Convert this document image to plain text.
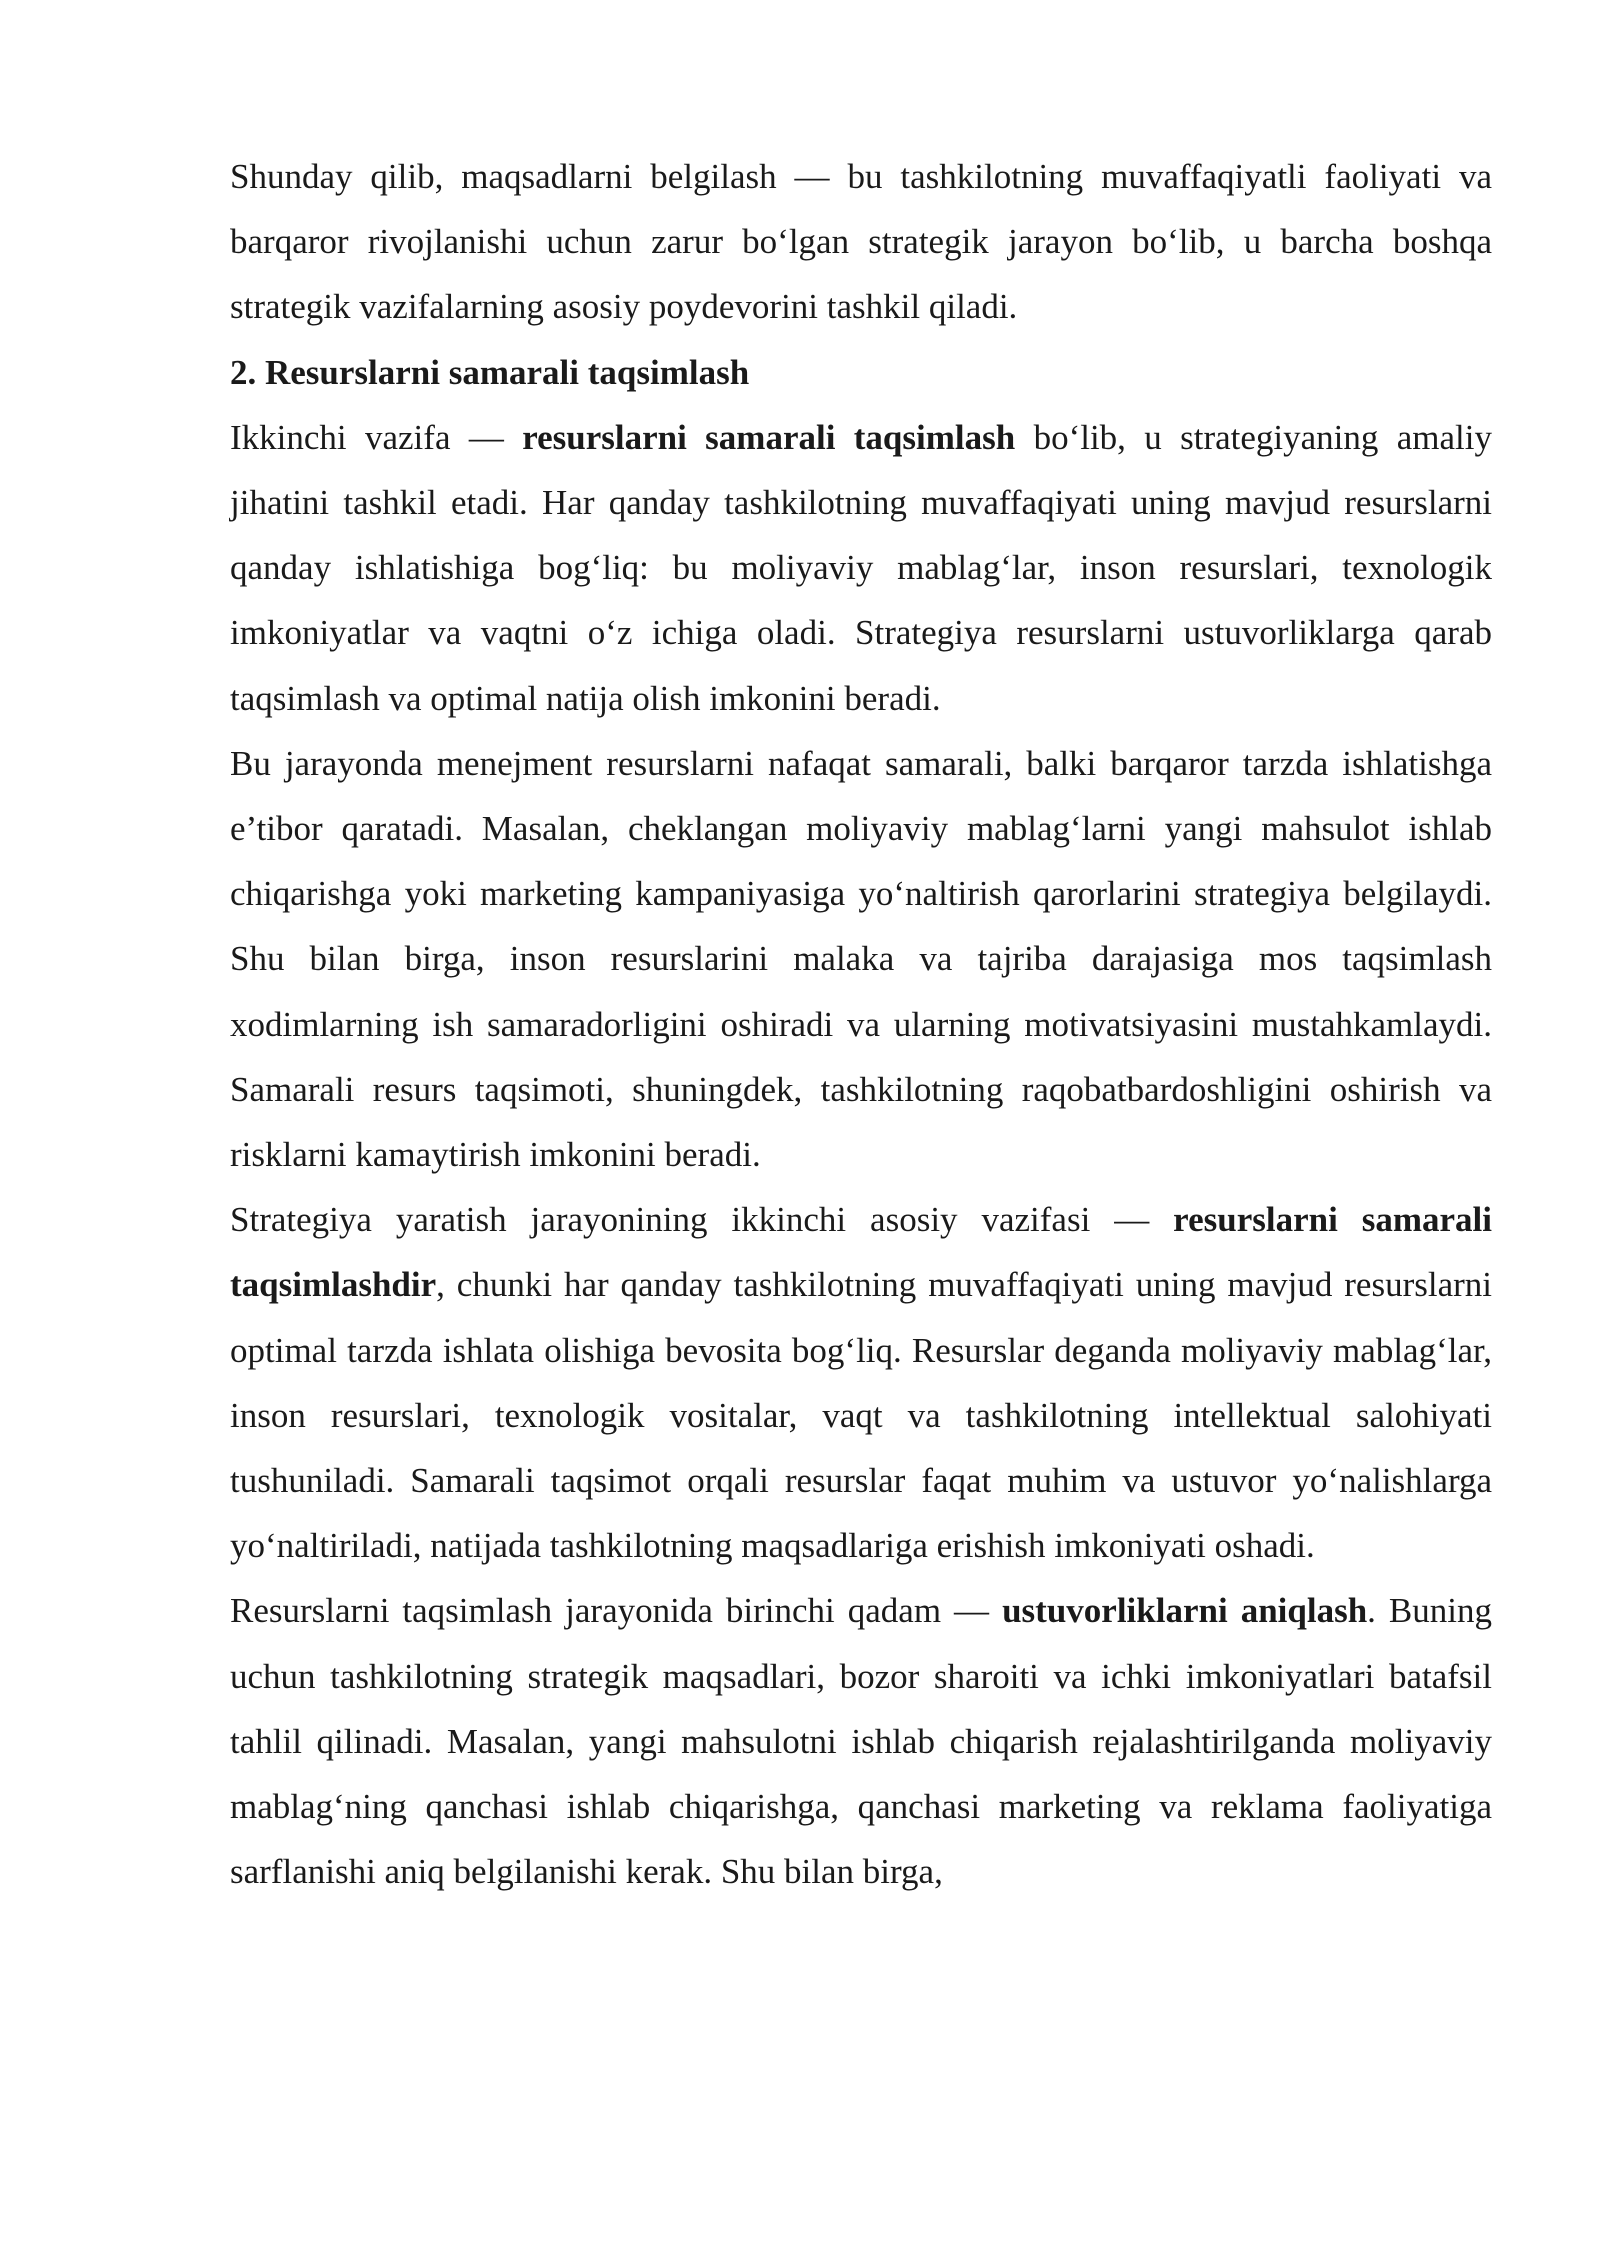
Shunday qilib, maqsadlarni belgilash — bu tashkilotning muvaffaqiyatli faoliyati va barqaror rivojlanishi uchun zarur bo‘lgan strategik jarayon bo‘lib, u barcha boshqa strategik vazifalarning asosiy poydevorini tashkil qiladi.

2. Resurslarni samarali taqsimlash

Ikkinchi vazifa — resurslarni samarali taqsimlash bo‘lib, u strategiyaning amaliy jihatini tashkil etadi. Har qanday tashkilotning muvaffaqiyati uning mavjud resurslarni qanday ishlatishiga bog‘liq: bu moliyaviy mablag‘lar, inson resurslari, texnologik imkoniyatlar va vaqtni o‘z ichiga oladi. Strategiya resurslarni ustuvorliklarga qarab taqsimlash va optimal natija olish imkonini beradi.

Bu jarayonda menejment resurslarni nafaqat samarali, balki barqaror tarzda ishlatishga e’tibor qaratadi. Masalan, cheklangan moliyaviy mablag‘larni yangi mahsulot ishlab chiqarishga yoki marketing kampaniyasiga yo‘naltirish qarorlarini strategiya belgilaydi. Shu bilan birga, inson resurslarini malaka va tajriba darajasiga mos taqsimlash xodimlarning ish samaradorligini oshiradi va ularning motivatsiyasini mustahkamlaydi. Samarali resurs taqsimoti, shuningdek, tashkilotning raqobatbardoshligini oshirish va risklarni kamaytirish imkonini beradi.

Strategiya yaratish jarayonining ikkinchi asosiy vazifasi — resurslarni samarali taqsimlashdir, chunki har qanday tashkilotning muvaffaqiyati uning mavjud resurslarni optimal tarzda ishlata olishiga bevosita bog‘liq. Resurslar deganda moliyaviy mablag‘lar, inson resurslari, texnologik vositalar, vaqt va tashkilotning intellektual salohiyati tushuniladi. Samarali taqsimot orqali resurslar faqat muhim va ustuvor yo‘nalishlarga yo‘naltiriladi, natijada tashkilotning maqsadlariga erishish imkoniyati oshadi.

Resurslarni taqsimlash jarayonida birinchi qadam — ustuvorliklarni aniqlash. Buning uchun tashkilotning strategik maqsadlari, bozor sharoiti va ichki imkoniyatlari batafsil tahlil qilinadi. Masalan, yangi mahsulotni ishlab chiqarish rejalashtirilganda moliyaviy mablag‘ning qanchasi ishlab chiqarishga, qanchasi marketing va reklama faoliyatiga sarflanishi aniq belgilanishi kerak. Shu bilan birga,
